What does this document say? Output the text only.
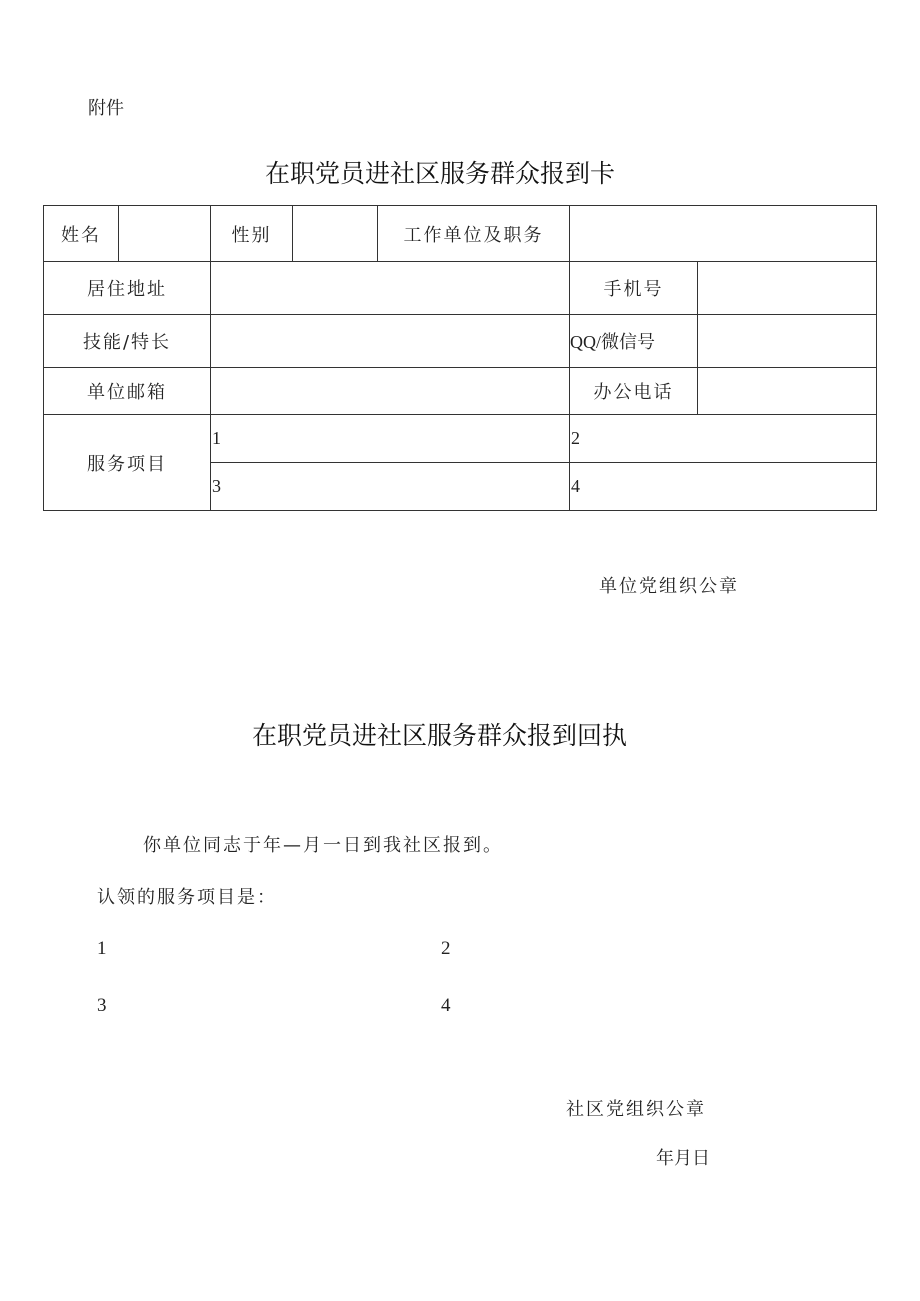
附件
在职党员进社区服务群众报到卡
姓名		性别		工作单位及职务		
居住地址					手机号	
技能/特长					QQ/微信号	
单位邮箱					办公电话	
服务项目		1			2	
		3			4	
单位党组织公章
在职党员进社区服务群众报到回执
你单位同志于年—月一日到我社区报到。
认领的服务项目是：
1	2
3	4
社区党组织公章
年月日
